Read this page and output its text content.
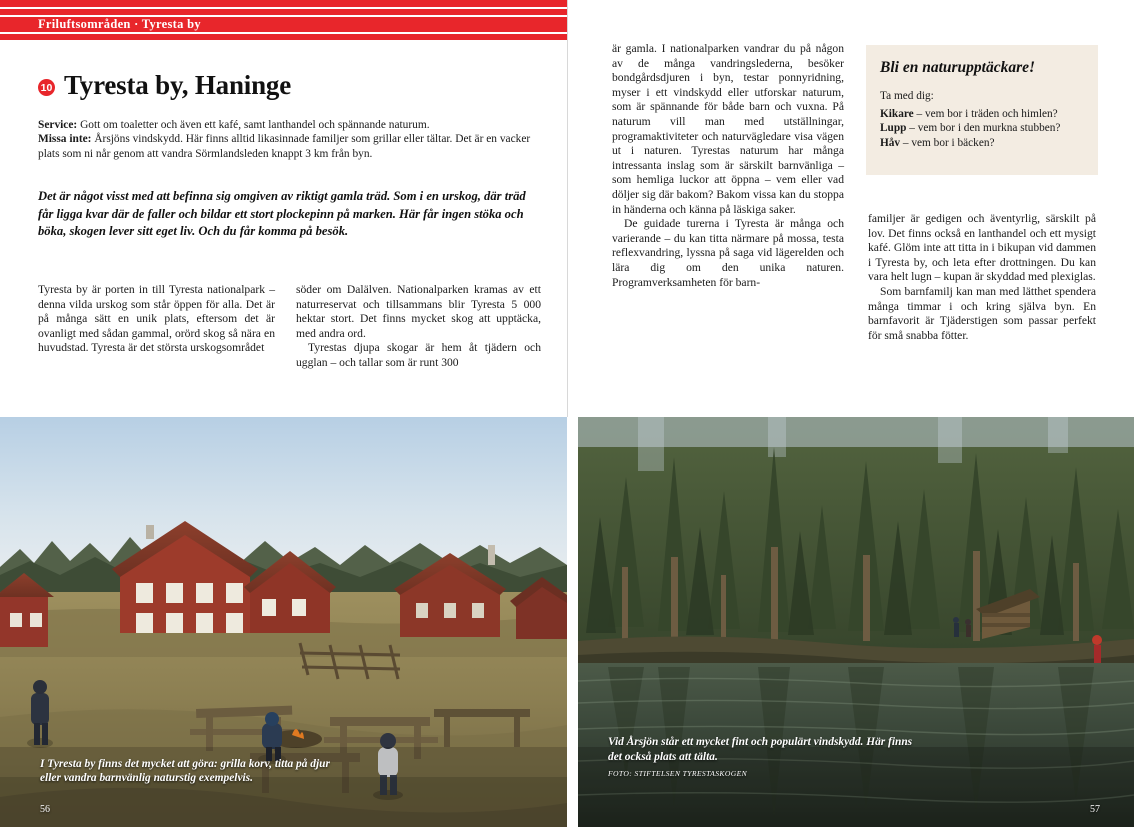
Friluftsområden · Tyresta by
10 Tyresta by, Haninge
Service: Gott om toaletter och även ett kafé, samt lanthandel och spännande naturum.
Missa inte: Årsjöns vindskydd. Här finns alltid likasinnade familjer som grillar eller tältar. Det är en vacker plats som ni når genom att vandra Sörmlandsleden knappt 3 km från byn.
Det är något visst med att befinna sig omgiven av riktigt gamla träd. Som i en urskog, där träd får ligga kvar där de faller och bildar ett stort plockepinn på marken. Här får ingen stöka och böka, skogen lever sitt eget liv. Och du får komma på besök.

Tyresta by är porten in till Tyresta nationalpark – denna vilda urskog som står öppen för alla. Det är på många sätt en unik plats, eftersom det är ovanligt med sådan gammal, orörd skog så nära en huvudstad. Tyresta är det största urskogsområdet

söder om Dalälven. Nationalparken kramas av ett naturreservat och tillsammans blir Tyresta 5 000 hektar stort. Det finns mycket skog att upptäcka, med andra ord.

Tyrestas djupa skogar är hem åt tjädern och ugglan – och tallar som är runt 300

är gamla. I nationalparken vandrar du på någon av de många vandringslederna, besöker bondgårdsdjuren i byn, testar ponnyridning, myser i ett vindskydd eller utforskar naturum, som är spännande för både barn och vuxna. På naturum vill man med utställningar, programaktiviteter och naturvägledare visa vägen ut i naturen. Tyrestas naturum har många intressanta inslag som är särskilt barnvänliga – som hemliga luckor att öppna – vem eller vad döljer sig där bakom? Bakom vissa kan du stoppa in händerna och känna på läskiga saker.

De guidade turerna i Tyresta är många och varierande – du kan titta närmare på mossa, testa reflexvandring, lyssna på saga vid lägerelden och lära dig om den unika naturen. Programverksamheten för barn-

familjer är gedigen och äventyrlig, särskilt på lov. Det finns också en lanthandel och ett mysigt kafé. Glöm inte att titta in i bikupan vid dammen i Tyresta by, och leta efter drottningen. Du kan vara helt lugn – kupan är skyddad med plexiglas.

Som barnfamilj kan man med lätthet spendera många timmar i och kring själva byn. En barnfavorit är Tjäderstigen som passar perfekt för små snabba fötter.

Bli en naturupptäckare!
Ta med dig:
Kikare – vem bor i träden och himlen?
Lupp – vem bor i den murkna stubben?
Håv – vem bor i bäcken?
I Tyresta by finns det mycket att göra: grilla korv, titta på djur eller vandra barnvänlig naturstig exempelvis.
56
Vid Årsjön står ett mycket fint och populärt vindskydd. Här finns det också plats att tälta.
FOTO: STIFTELSEN TYRESTASKOGEN
57
